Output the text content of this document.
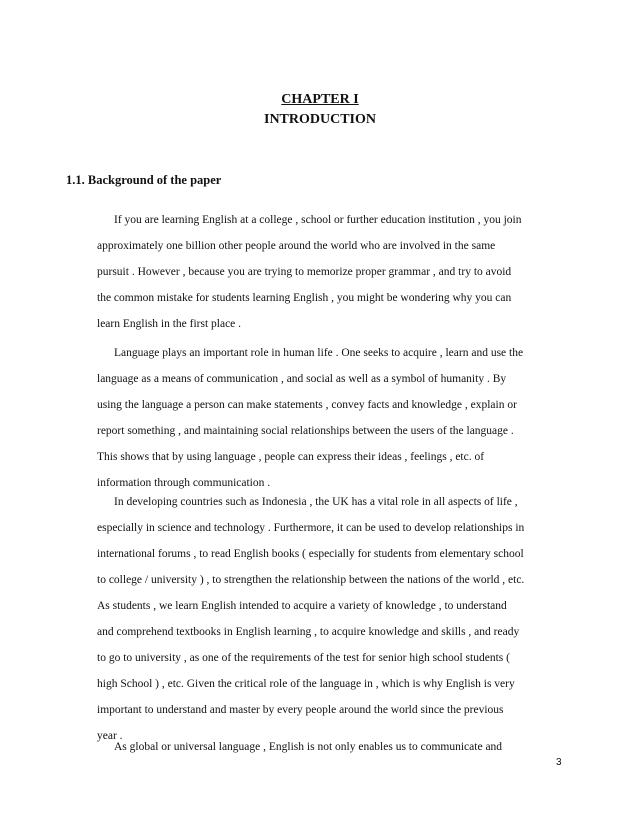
CHAPTER I
INTRODUCTION
1.1. Background of the paper
If you are learning English at a college , school or further education institution , you join
approximately one billion other people around the world who are involved in the same
pursuit . However , because you are trying to memorize proper grammar , and try to avoid
the common mistake for students learning English , you might be wondering why you can
learn English in the first place .
Language plays an important role in human life . One seeks to acquire , learn and use the
language as a means of communication , and social as well as a symbol of humanity . By
using the language a person can make statements , convey facts and knowledge , explain or
report something , and maintaining social relationships between the users of the language .
This shows that by using language , people can express their ideas , feelings , etc. of
information through communication .
In developing countries such as Indonesia , the UK has a vital role in all aspects of life ,
especially in science and technology . Furthermore, it can be used to develop relationships in
international forums , to read English books ( especially for students from elementary school
to college / university ) , to strengthen the relationship between the nations of the world , etc.
As students , we learn English intended to acquire a variety of knowledge , to understand
and comprehend textbooks in English learning , to acquire knowledge and skills , and ready
to go to university , as one of the requirements of the test for senior high school students (
high School ) , etc. Given the critical role of the language in , which is why English is very
important to understand and master by every people around the world since the previous
year .
As global or universal language , English is not only enables us to communicate and
3
